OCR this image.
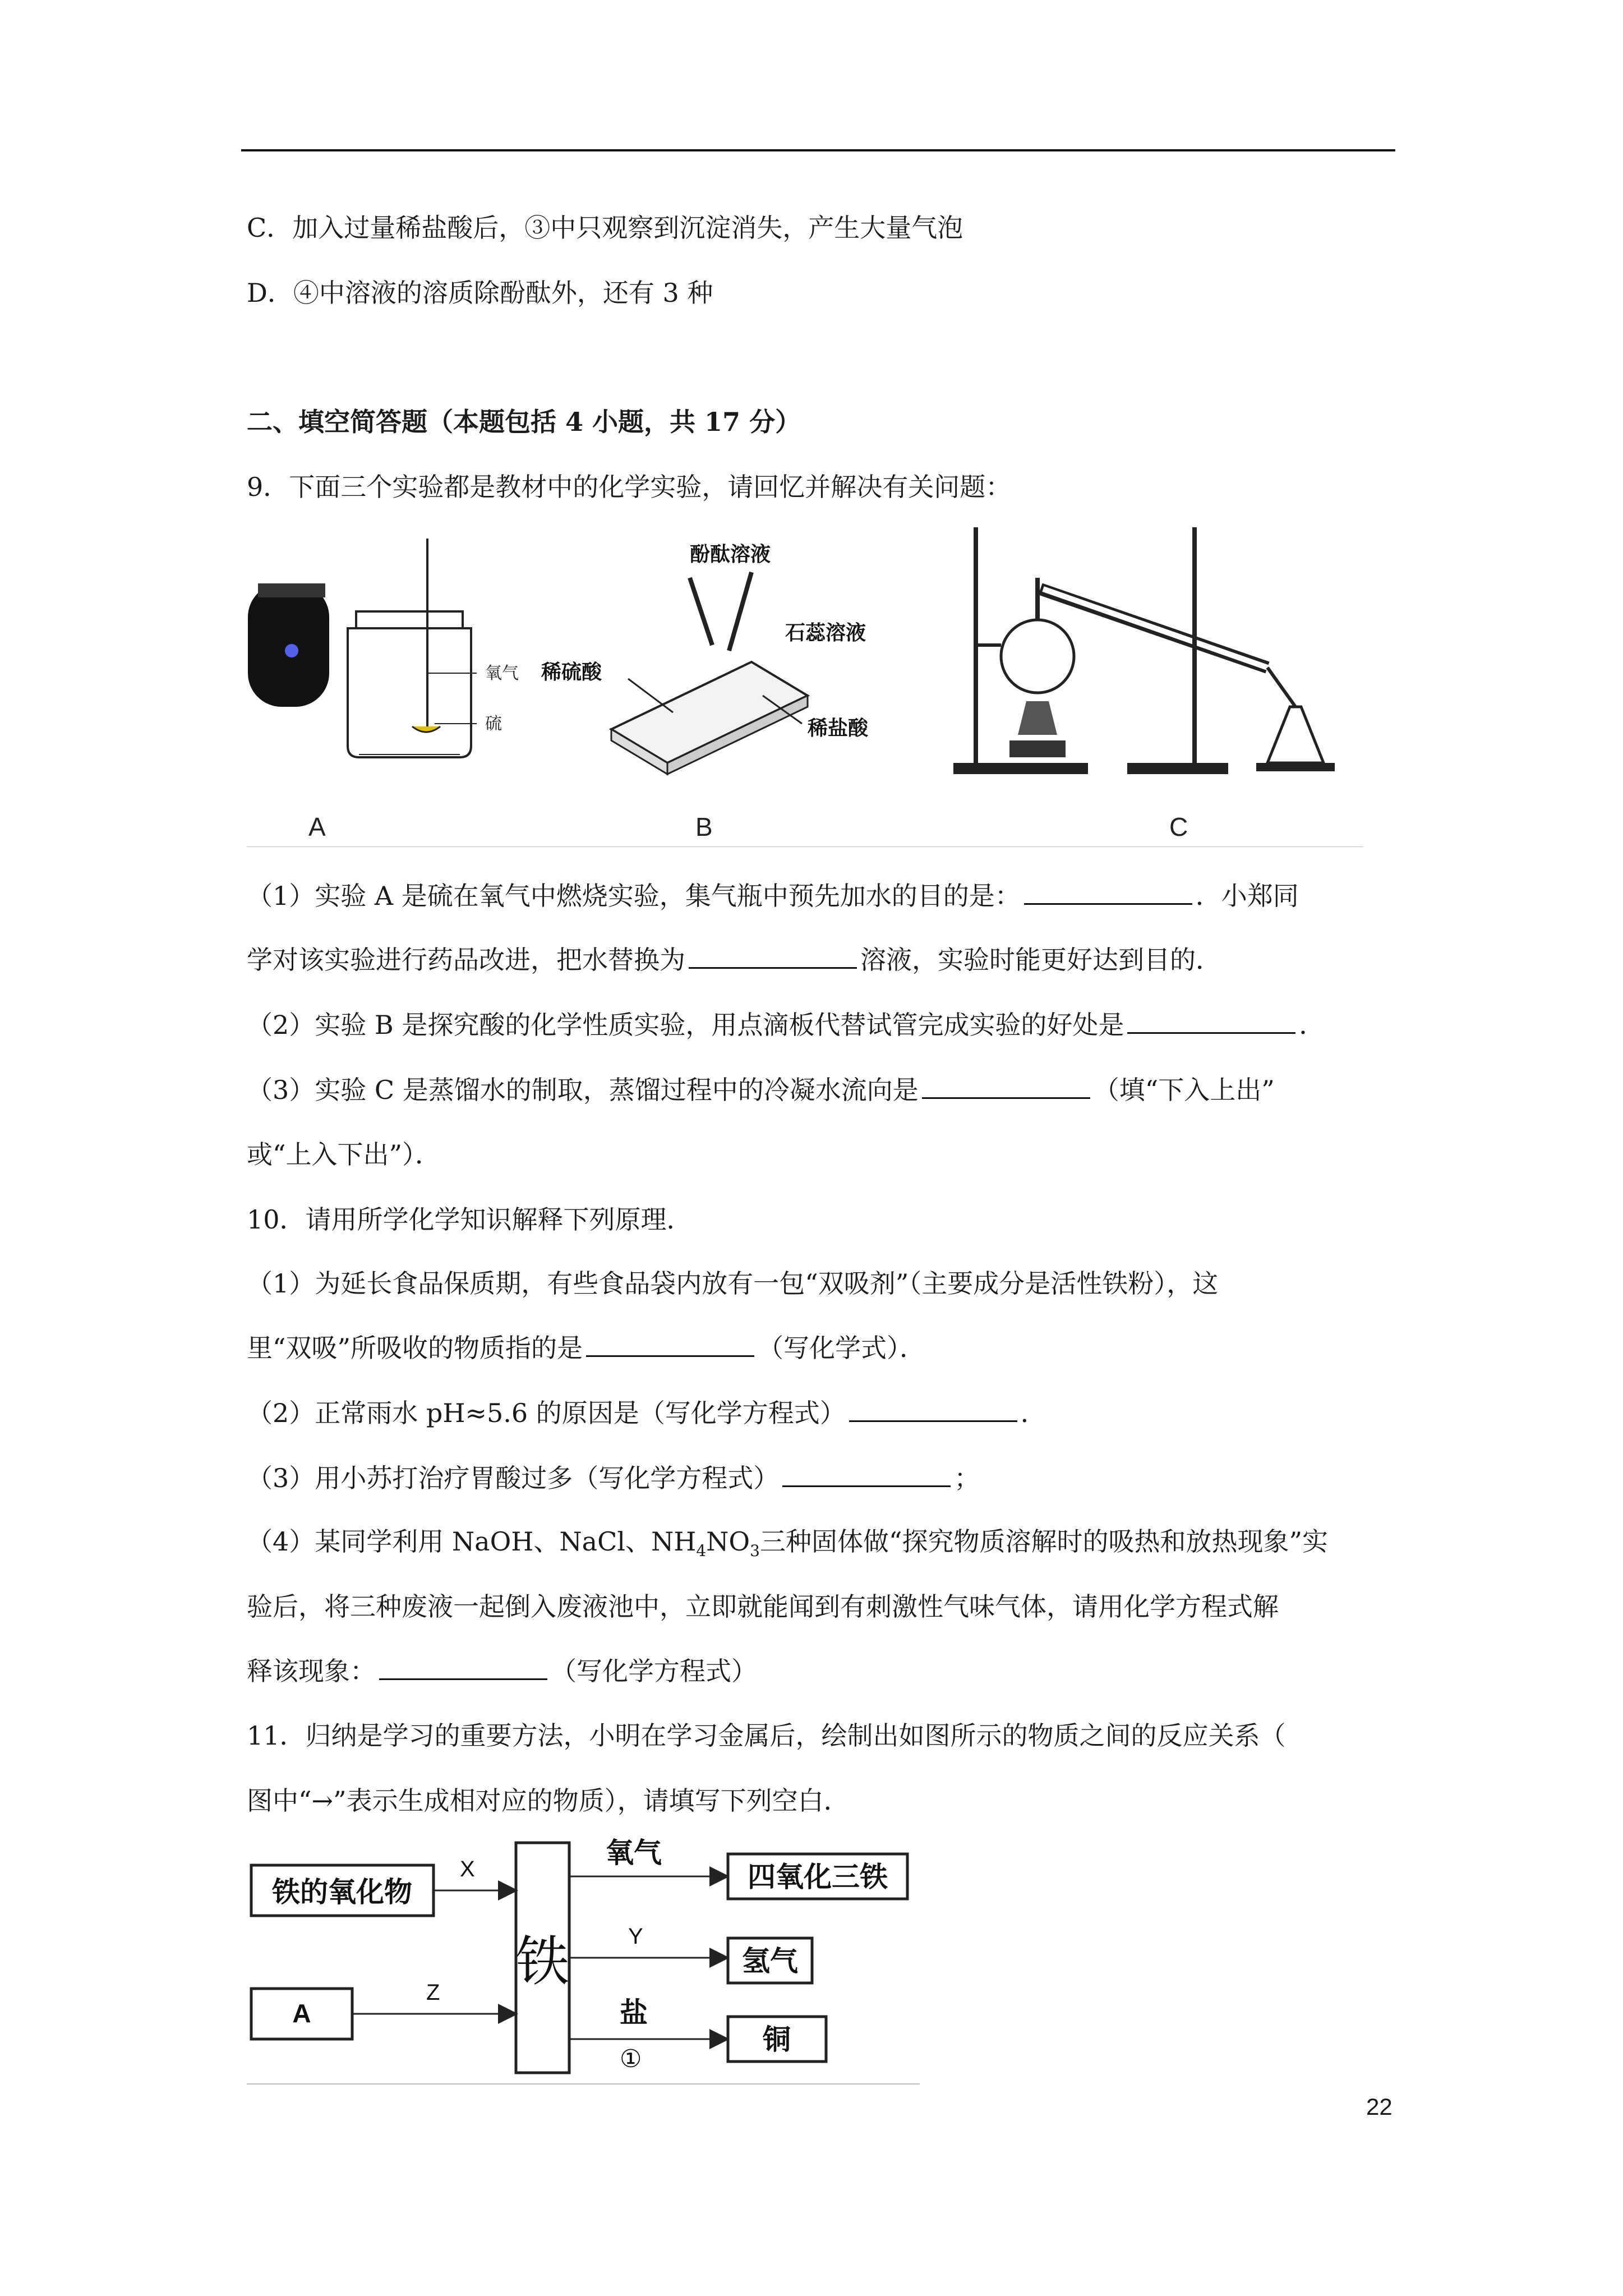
C．加入过量稀盐酸后，③中只观察到沉淀消失，产生大量气泡
D．④中溶液的溶质除酚酞外，还有 3 种
二、填空简答题（本题包括 4 小题，共 17 分）
9．下面三个实验都是教材中的化学实验，请回忆并解决有关问题：
氧气
硫
酚酞溶液
石蕊溶液
稀硫酸
稀盐酸
A	B	C
（1）实验 A 是硫在氧气中燃烧实验，集气瓶中预先加水的目的是：	．小郑同
学对该实验进行药品改进，把水替换为	溶液，实验时能更好达到目的．
（2）实验 B 是探究酸的化学性质实验，用点滴板代替试管完成实验的好处是	．
（3）实验 C 是蒸馏水的制取，蒸馏过程中的冷凝水流向是	（填“下入上出”
或“上入下出”）．
10．请用所学化学知识解释下列原理．
（1）为延长食品保质期，有些食品袋内放有一包“双吸剂”（主要成分是活性铁粉），这
里“双吸”所吸收的物质指的是	（写化学式）．
（2）正常雨水 pH≈5.6 的原因是（写化学方程式）	．
（3）用小苏打治疗胃酸过多（写化学方程式）	；
（4）某同学利用 NaOH、NaCl、$NH_4NO_3$三种固体做“探究物质溶解时的吸热和放热现象”实
验后，将三种废液一起倒入废液池中，立即就能闻到有刺激性气味气体，请用化学方程式解
释该现象：	（写化学方程式）
11．归纳是学习的重要方法，小明在学习金属后，绘制出如图所示的物质之间的反应关系（
图中“→”表示生成相对应的物质），请填写下列空白．
铁的氧化物
A
铁
X
Z
氧气
四氧化三铁
Y
氢气
盐
①
铜
22
